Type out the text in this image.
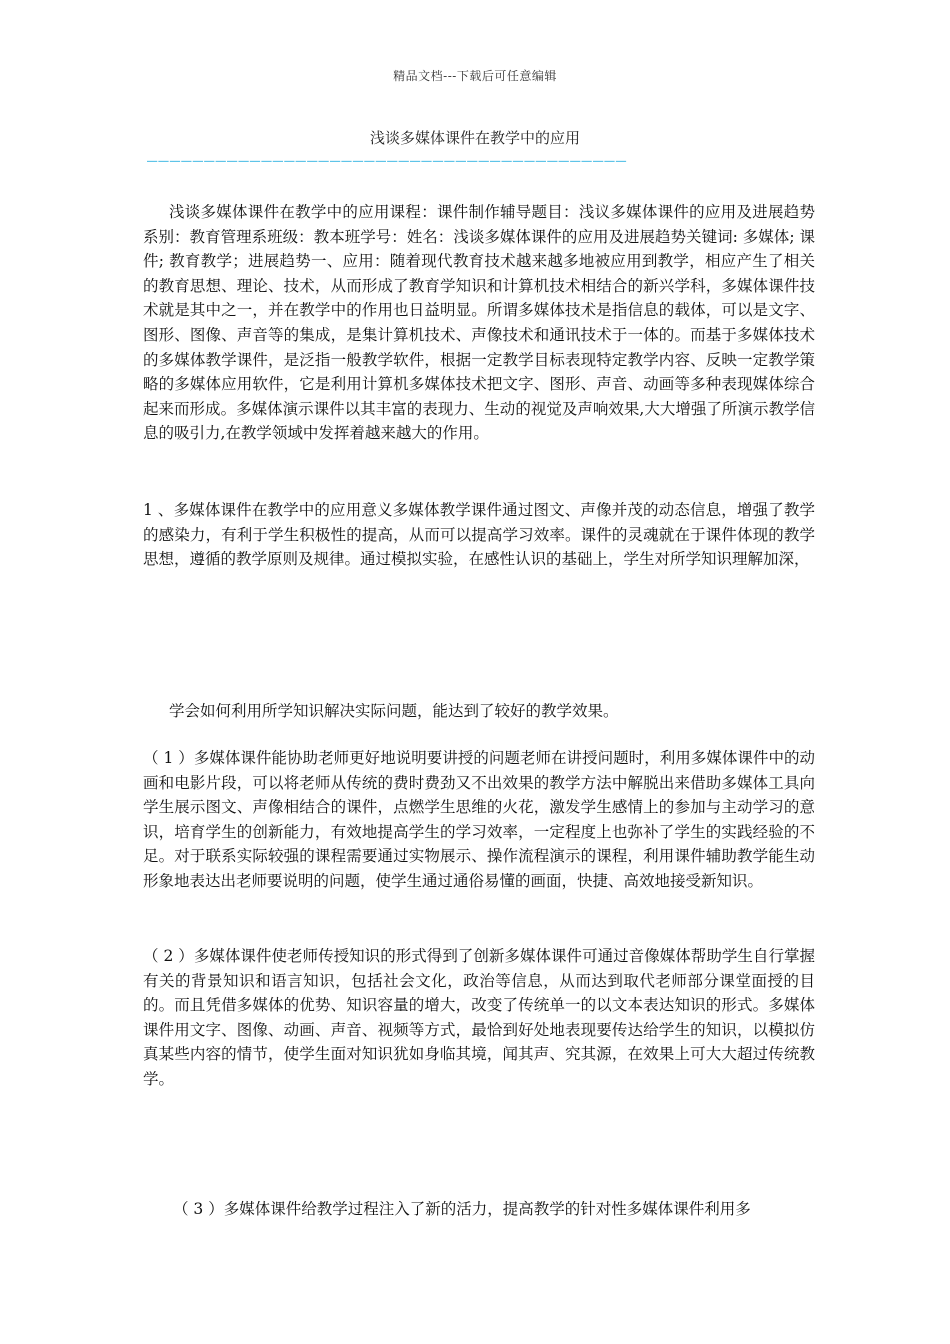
精品文档---下载后可任意编辑
浅谈多媒体课件在教学中的应用
——————————————————————————————————————————

浅谈多媒体课件在教学中的应用课程：课件制作辅导题目：浅议多媒体课件的应用及进展趋势系别：教育管理系班级：教本班学号：姓名：浅谈多媒体课件的应用及进展趋势关键词: 多媒体; 课件; 教育教学；进展趋势一、应用：随着现代教育技术越来越多地被应用到教学，相应产生了相关的教育思想、理论、技术，从而形成了教育学知识和计算机技术相结合的新兴学科，多媒体课件技术就是其中之一，并在教学中的作用也日益明显。所谓多媒体技术是指信息的载体，可以是文字、图形、图像、声音等的集成，是集计算机技术、声像技术和通讯技术于一体的。而基于多媒体技术的多媒体教学课件，是泛指一般教学软件，根据一定教学目标表现特定教学内容、反映一定教学策略的多媒体应用软件，它是利用计算机多媒体技术把文字、图形、声音、动画等多种表现媒体综合起来而形成。多媒体演示课件以其丰富的表现力、生动的视觉及声响效果,大大增强了所演示教学信息的吸引力,在教学领域中发挥着越来越大的作用。

1 、多媒体课件在教学中的应用意义多媒体教学课件通过图文、声像并茂的动态信息，增强了教学的感染力，有利于学生积极性的提高，从而可以提高学习效率。课件的灵魂就在于课件体现的教学思想，遵循的教学原则及规律。通过模拟实验，在感性认识的基础上，学生对所学知识理解加深，

学会如何利用所学知识解决实际问题，能达到了较好的教学效果。

（ 1 ）多媒体课件能协助老师更好地说明要讲授的问题老师在讲授问题时，利用多媒体课件中的动画和电影片段，可以将老师从传统的费时费劲又不出效果的教学方法中解脱出来借助多媒体工具向学生展示图文、声像相结合的课件，点燃学生思维的火花，激发学生感情上的参加与主动学习的意识，培育学生的创新能力，有效地提高学生的学习效率，一定程度上也弥补了学生的实践经验的不足。对于联系实际较强的课程需要通过实物展示、操作流程演示的课程，利用课件辅助教学能生动形象地表达出老师要说明的问题，使学生通过通俗易懂的画面，快捷、高效地接受新知识。

（ 2 ）多媒体课件使老师传授知识的形式得到了创新多媒体课件可通过音像媒体帮助学生自行掌握有关的背景知识和语言知识，包括社会文化，政治等信息，从而达到取代老师部分课堂面授的目的。而且凭借多媒体的优势、知识容量的增大，改变了传统单一的以文本表达知识的形式。多媒体课件用文字、图像、动画、声音、视频等方式，最恰到好处地表现要传达给学生的知识，以模拟仿真某些内容的情节，使学生面对知识犹如身临其境，闻其声、究其源，在效果上可大大超过传统教学。

（ 3 ）多媒体课件给教学过程注入了新的活力，提高教学的针对性多媒体课件利用多
